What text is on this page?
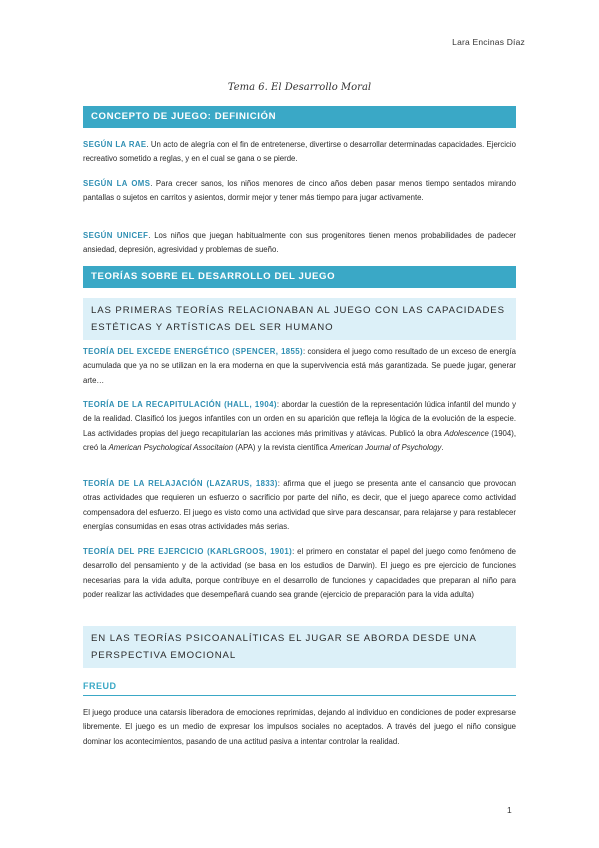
Lara Encinas Díaz
Tema 6. El Desarrollo Moral
CONCEPTO DE JUEGO: DEFINICIÓN

SEGÚN LA RAE. Un acto de alegría con el fin de entretenerse, divertirse o desarrollar determinadas capacidades. Ejercicio recreativo sometido a reglas, y en el cual se gana o se pierde.

SEGÚN LA OMS. Para crecer sanos, los niños menores de cinco años deben pasar menos tiempo sentados mirando pantallas o sujetos en carritos y asientos, dormir mejor y tener más tiempo para jugar activamente.

SEGÚN UNICEF. Los niños que juegan habitualmente con sus progenitores tienen menos probabilidades de padecer ansiedad, depresión, agresividad y problemas de sueño.

TEORÍAS SOBRE EL DESARROLLO DEL JUEGO
LAS PRIMERAS TEORÍAS RELACIONABAN AL JUEGO CON LAS CAPACIDADES ESTÉTICAS Y ARTÍSTICAS DEL SER HUMANO

TEORÍA DEL EXCEDE ENERGÉTICO (SPENCER, 1855): considera el juego como resultado de un exceso de energía acumulada que ya no se utilizan en la era moderna en que la supervivencia está más garantizada. Se puede jugar, generar arte…

TEORÍA DE LA RECAPITULACIÓN (HALL, 1904): abordar la cuestión de la representación lúdica infantil del mundo y de la realidad. Clasificó los juegos infantiles con un orden en su aparición que refleja la lógica de la evolución de la especie. Las actividades propias del juego recapitularían las acciones más primitivas y atávicas. Publicó la obra Adolescence (1904), creó la American Psychological Associtaion (APA) y la revista científica American Journal of Psychology.

TEORÍA DE LA RELAJACIÓN (LAZARUS, 1833): afirma que el juego se presenta ante el cansancio que provocan otras actividades que requieren un esfuerzo o sacrificio por parte del niño, es decir, que el juego aparece como actividad compensadora del esfuerzo. El juego es visto como una actividad que sirve para descansar, para relajarse y para restablecer energías consumidas en esas otras actividades más serias.

TEORÍA DEL PRE EJERCICIO (KARLGROOS, 1901): el primero en constatar el papel del juego como fenómeno de desarrollo del pensamiento y de la actividad (se basa en los estudios de Darwin). El juego es pre ejercicio de funciones necesarias para la vida adulta, porque contribuye en el desarrollo de funciones y capacidades que preparan al niño para poder realizar las actividades que desempeñará cuando sea grande (ejercicio de preparación para la vida adulta)

EN LAS TEORÍAS PSICOANALÍTICAS EL JUGAR SE ABORDA DESDE UNA PERSPECTIVA EMOCIONAL
FREUD

El juego produce una catarsis liberadora de emociones reprimidas, dejando al individuo en condiciones de poder expresarse libremente. El juego es un medio de expresar los impulsos sociales no aceptados. A través del juego el niño consigue dominar los acontecimientos, pasando de una actitud pasiva a intentar controlar la realidad.

1
